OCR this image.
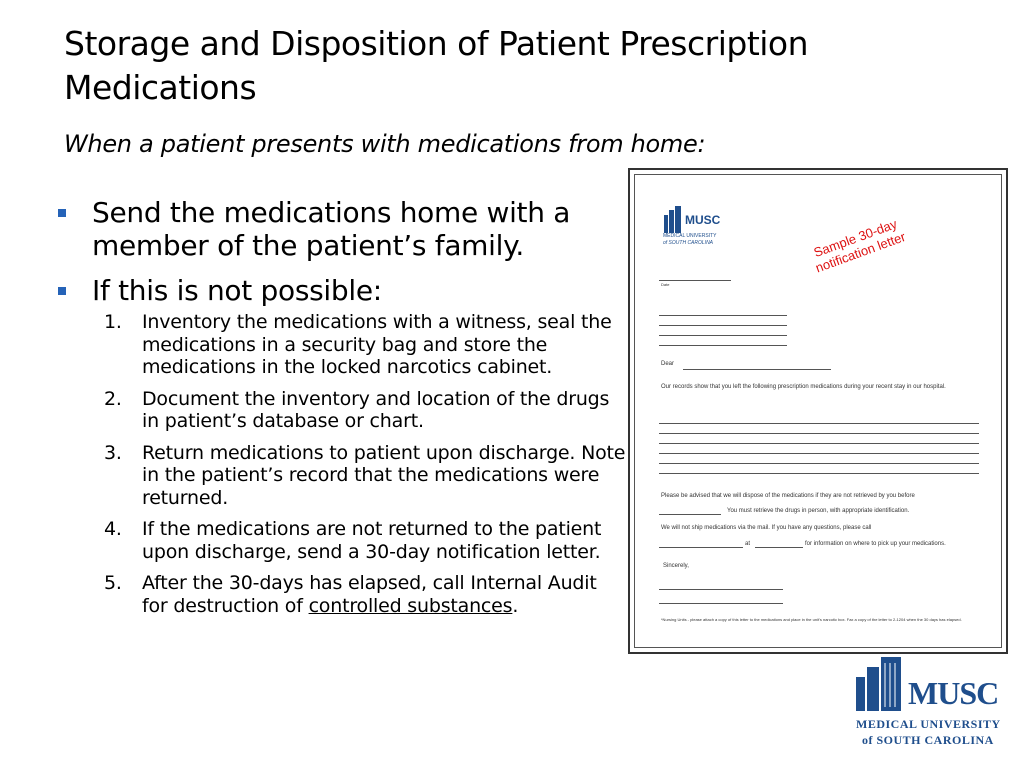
Storage and Disposition of Patient Prescription Medications
When a patient presents with medications from home:
Send the medications home with a member of the patient’s family.
If this is not possible:
1. Inventory the medications with a witness, seal the medications in a security bag and store the medications in the locked narcotics cabinet.
2. Document the inventory and location of the drugs in patient’s database or chart.
3. Return medications to patient upon discharge. Note in the patient’s record that the medications were returned.
4. If the medications are not returned to the patient upon discharge, send a 30-day notification letter.
5. After the 30-days has elapsed, call Internal Audit for destruction of controlled substances.
MUSC
MEDICAL UNIVERSITY
of SOUTH CAROLINA	Sample 30-day notification letter
Date
Dear
Our records show that you left the following prescription medications during your recent stay in our hospital.
Please be advised that we will dispose of the medications if they are not retrieved by you before
You must retrieve the drugs in person, with appropriate identification.
We will not ship medications via the mail. If you have any questions, please call
at	for information on where to pick up your medications.
Sincerely,
*Nursing Units - please attach a copy of this letter to the medications and place in the unit's narcotic box. Fax a copy of the letter to 2-1204 when the 30 days has elapsed.
MUSC
MEDICAL UNIVERSITY
of SOUTH CAROLINA
